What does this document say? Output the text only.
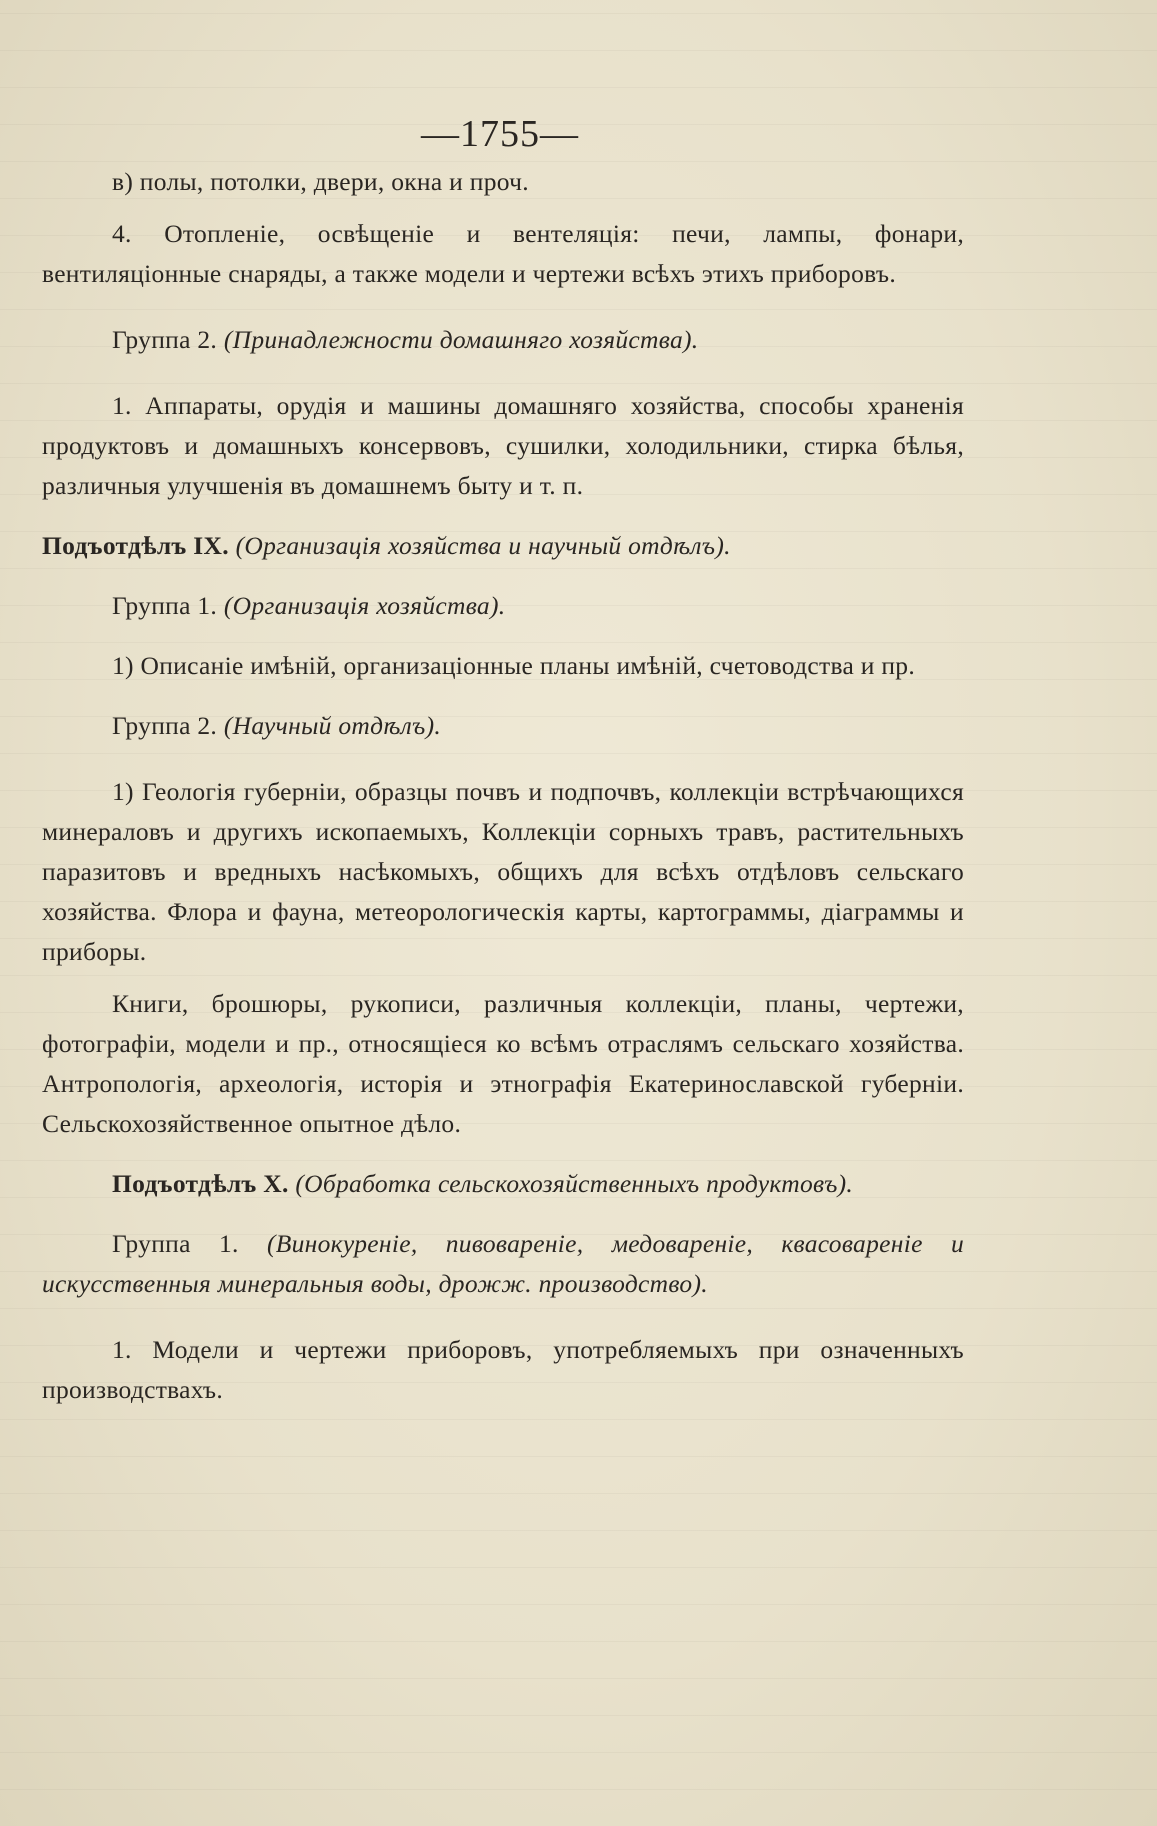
—1755—

в) полы, потолки, двери, окна и проч.

4. Отопленіе, освѣщеніе и вентеляція: печи, лампы, фонари, вентиляціонные снаряды, а также модели и чертежи всѣхъ этихъ приборовъ.

Группа 2. (Принадлежности домашняго хозяйства).

1. Аппараты, орудія и машины домашняго хозяйства, способы храненія продуктовъ и домашныхъ консервовъ, сушилки, холодильники, стирка бѣлья, различныя улучшенія въ домашнемъ быту и т. п.

Подъотдѣлъ IX. (Организація хозяйства и научный отдѣлъ).

Группа 1. (Организація хозяйства).

1) Описаніе имѣній, организаціонные планы имѣній, счетоводства и пр.

Группа 2. (Научный отдѣлъ).

1) Геологія губерніи, образцы почвъ и подпочвъ, коллекціи встрѣчающихся минераловъ и другихъ ископаемыхъ, Коллекціи сорныхъ травъ, растительныхъ паразитовъ и вредныхъ насѣкомыхъ, общихъ для всѣхъ отдѣловъ сельскаго хозяйства. Флора и фауна, метеорологическія карты, картограммы, діаграммы и приборы.

Книги, брошюры, рукописи, различныя коллекціи, планы, чертежи, фотографіи, модели и пр., относящіеся ко всѣмъ отраслямъ сельскаго хозяйства. Антропологія, археологія, исторія и этнографія Екатеринославской губерніи. Сельскохозяйственное опытное дѣло.

Подъотдѣлъ X. (Обработка сельскохозяйственныхъ продуктовъ).

Группа 1. (Винокуреніе, пивовареніе, медовареніе, квасовареніе и искусственныя минеральныя воды, дрожж. производство).

1. Модели и чертежи приборовъ, употребляемыхъ при означенныхъ производствахъ.
